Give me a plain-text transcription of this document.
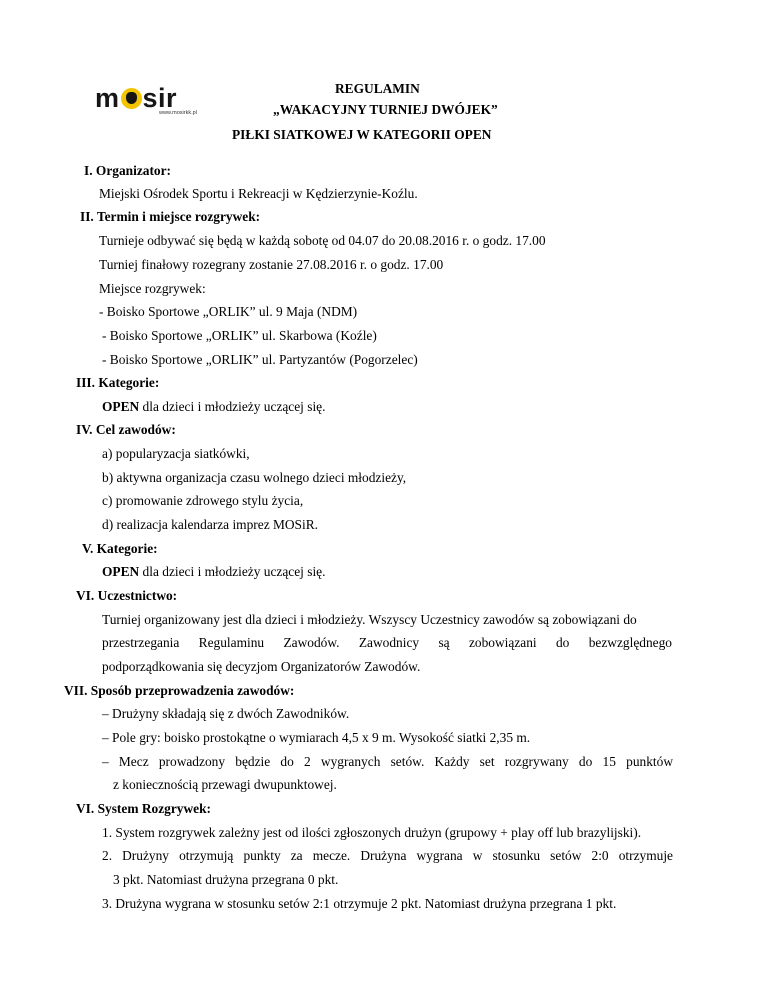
m sir
www.mosirkk.pl
REGULAMIN
„WAKACYJNY TURNIEJ DWÓJEK”
PIŁKI SIATKOWEJ W KATEGORII OPEN
I. Organizator:
Miejski Ośrodek Sportu i Rekreacji w Kędzierzynie-Koźlu.
II. Termin i miejsce rozgrywek:
Turnieje odbywać się będą w każdą sobotę od 04.07 do 20.08.2016 r. o godz. 17.00
Turniej finałowy rozegrany zostanie 27.08.2016 r. o godz. 17.00
Miejsce rozgrywek:
- Boisko Sportowe „ORLIK” ul. 9 Maja (NDM)
- Boisko Sportowe „ORLIK” ul. Skarbowa (Koźle)
- Boisko Sportowe „ORLIK” ul. Partyzantów (Pogorzelec)
III. Kategorie:
OPEN dla dzieci i młodzieży uczącej się.
IV. Cel zawodów:
a) popularyzacja siatkówki,
b) aktywna organizacja czasu wolnego dzieci młodzieży,
c) promowanie zdrowego stylu życia,
d) realizacja kalendarza imprez MOSiR.
V. Kategorie:
OPEN dla dzieci i młodzieży uczącej się.
VI. Uczestnictwo:
Turniej organizowany jest dla dzieci i młodzieży. Wszyscy Uczestnicy zawodów są zobowiązani do
przestrzegania Regulaminu Zawodów. Zawodnicy są zobowiązani do bezwzględnego
podporządkowania się decyzjom Organizatorów Zawodów.
VII. Sposób przeprowadzenia zawodów:
– Drużyny składają się z dwóch Zawodników.
– Pole gry: boisko prostokątne o wymiarach 4,5 x 9 m. Wysokość siatki 2,35 m.
– Mecz prowadzony będzie do 2 wygranych setów. Każdy set rozgrywany do 15 punktów
z koniecznością przewagi dwupunktowej.
VI. System Rozgrywek:
1. System rozgrywek zależny jest od ilości zgłoszonych drużyn (grupowy + play off lub brazylijski).
2. Drużyny otrzymują punkty za mecze. Drużyna wygrana w stosunku setów 2:0 otrzymuje
3 pkt. Natomiast drużyna przegrana 0 pkt.
3. Drużyna wygrana w stosunku setów 2:1 otrzymuje 2 pkt. Natomiast drużyna przegrana 1 pkt.
